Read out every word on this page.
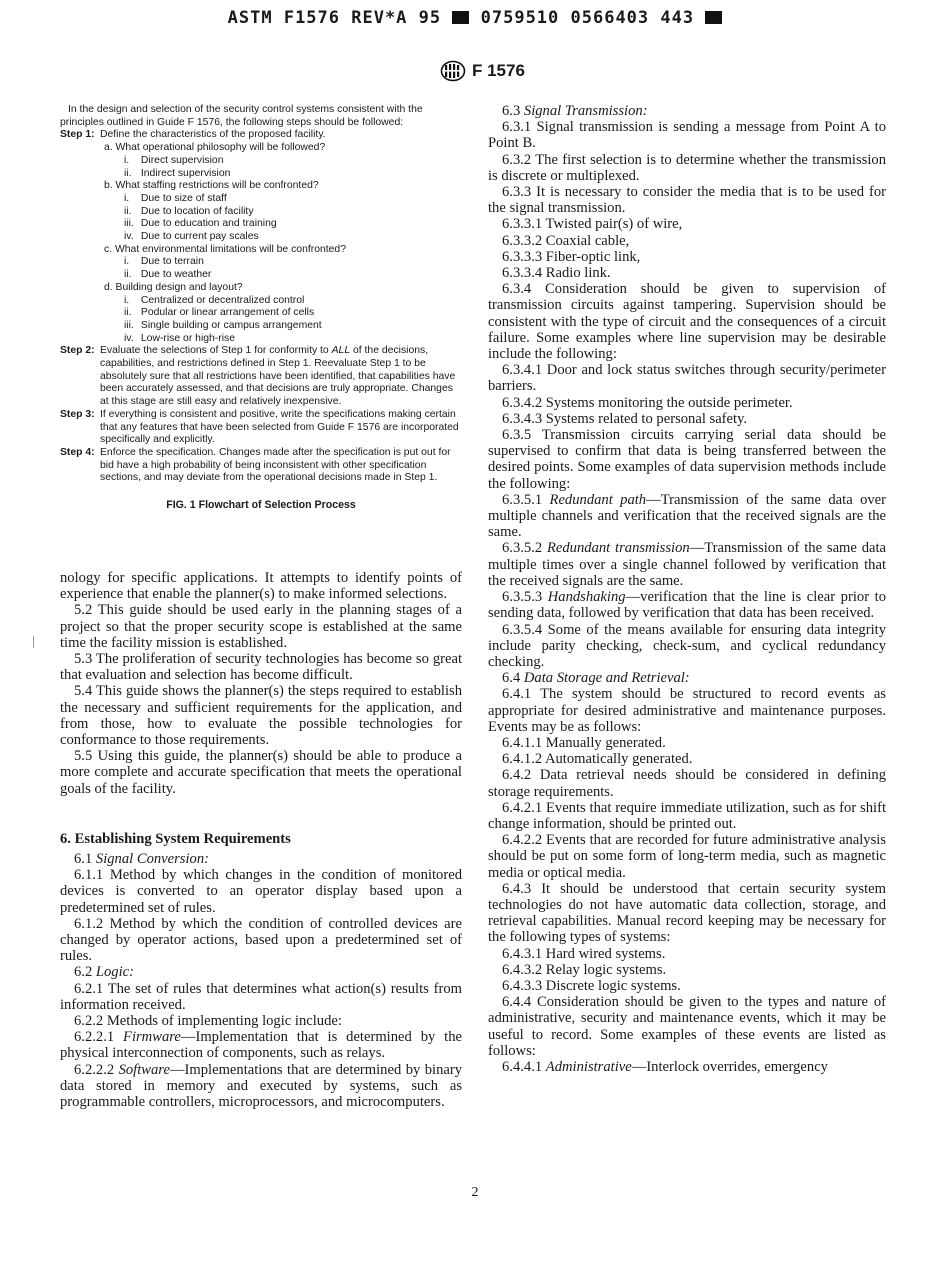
ASTM F1576 REV*A 95 0759510 0566403 443
F 1576

In the design and selection of the security control systems consistent with the principles outlined in Guide F 1576, the following steps should be followed:

Step 1: Define the characteristics of the proposed facility.
a. What operational philosophy will be followed?
i. Direct supervision
ii. Indirect supervision
b. What staffing restrictions will be confronted?
i. Due to size of staff
ii. Due to location of facility
iii. Due to education and training
iv. Due to current pay scales
c. What environmental limitations will be confronted?
i. Due to terrain
ii. Due to weather
d. Building design and layout?
i. Centralized or decentralized control
ii. Podular or linear arrangement of cells
iii. Single building or campus arrangement
iv. Low-rise or high-rise
Step 2: Evaluate the selections of Step 1 for conformity to ALL of the decisions, capabilities, and restrictions defined in Step 1. Reevaluate Step 1 to be absolutely sure that all restrictions have been identified, that capabilities have been accurately assessed, and that decisions are truly appropriate. Changes at this stage are still easy and relatively inexpensive.
Step 3: If everything is consistent and positive, write the specifications making certain that any features that have been selected from Guide F 1576 are incorporated specifically and explicitly.
Step 4: Enforce the specification. Changes made after the specification is put out for bid have a high probability of being inconsistent with other specification sections, and may deviate from the operational decisions made in Step 1.
FIG. 1 Flowchart of Selection Process

nology for specific applications. It attempts to identify points of experience that enable the planner(s) to make informed selections.

5.2 This guide should be used early in the planning stages of a project so that the proper security scope is established at the same time the facility mission is established.

5.3 The proliferation of security technologies has become so great that evaluation and selection has become difficult.

5.4 This guide shows the planner(s) the steps required to establish the necessary and sufficient requirements for the application, and from those, how to evaluate the possible technologies for conformance to those requirements.

5.5 Using this guide, the planner(s) should be able to produce a more complete and accurate specification that meets the operational goals of the facility.

6. Establishing System Requirements

6.1 Signal Conversion:

6.1.1 Method by which changes in the condition of monitored devices is converted to an operator display based upon a predetermined set of rules.

6.1.2 Method by which the condition of controlled devices are changed by operator actions, based upon a predetermined set of rules.

6.2 Logic:

6.2.1 The set of rules that determines what action(s) results from information received.

6.2.2 Methods of implementing logic include:

6.2.2.1 Firmware—Implementation that is determined by the physical interconnection of components, such as relays.

6.2.2.2 Software—Implementations that are determined by binary data stored in memory and executed by systems, such as programmable controllers, microprocessors, and microcomputers.

6.3 Signal Transmission:

6.3.1 Signal transmission is sending a message from Point A to Point B.

6.3.2 The first selection is to determine whether the transmission is discrete or multiplexed.

6.3.3 It is necessary to consider the media that is to be used for the signal transmission.

6.3.3.1 Twisted pair(s) of wire,

6.3.3.2 Coaxial cable,

6.3.3.3 Fiber-optic link,

6.3.3.4 Radio link.

6.3.4 Consideration should be given to supervision of transmission circuits against tampering. Supervision should be consistent with the type of circuit and the consequences of a circuit failure. Some examples where line supervision may be desirable include the following:

6.3.4.1 Door and lock status switches through security/perimeter barriers.

6.3.4.2 Systems monitoring the outside perimeter.

6.3.4.3 Systems related to personal safety.

6.3.5 Transmission circuits carrying serial data should be supervised to confirm that data is being transferred between the desired points. Some examples of data supervision methods include the following:

6.3.5.1 Redundant path—Transmission of the same data over multiple channels and verification that the received signals are the same.

6.3.5.2 Redundant transmission—Transmission of the same data multiple times over a single channel followed by verification that the received signals are the same.

6.3.5.3 Handshaking—verification that the line is clear prior to sending data, followed by verification that data has been received.

6.3.5.4 Some of the means available for ensuring data integrity include parity checking, check-sum, and cyclical redundancy checking.

6.4 Data Storage and Retrieval:

6.4.1 The system should be structured to record events as appropriate for desired administrative and maintenance purposes. Events may be as follows:

6.4.1.1 Manually generated.

6.4.1.2 Automatically generated.

6.4.2 Data retrieval needs should be considered in defining storage requirements.

6.4.2.1 Events that require immediate utilization, such as for shift change information, should be printed out.

6.4.2.2 Events that are recorded for future administrative analysis should be put on some form of long-term media, such as magnetic media or optical media.

6.4.3 It should be understood that certain security system technologies do not have automatic data collection, storage, and retrieval capabilities. Manual record keeping may be necessary for the following types of systems:

6.4.3.1 Hard wired systems.

6.4.3.2 Relay logic systems.

6.4.3.3 Discrete logic systems.

6.4.4 Consideration should be given to the types and nature of administrative, security and maintenance events, which it may be useful to record. Some examples of these events are listed as follows:

6.4.4.1 Administrative—Interlock overrides, emergency

2
